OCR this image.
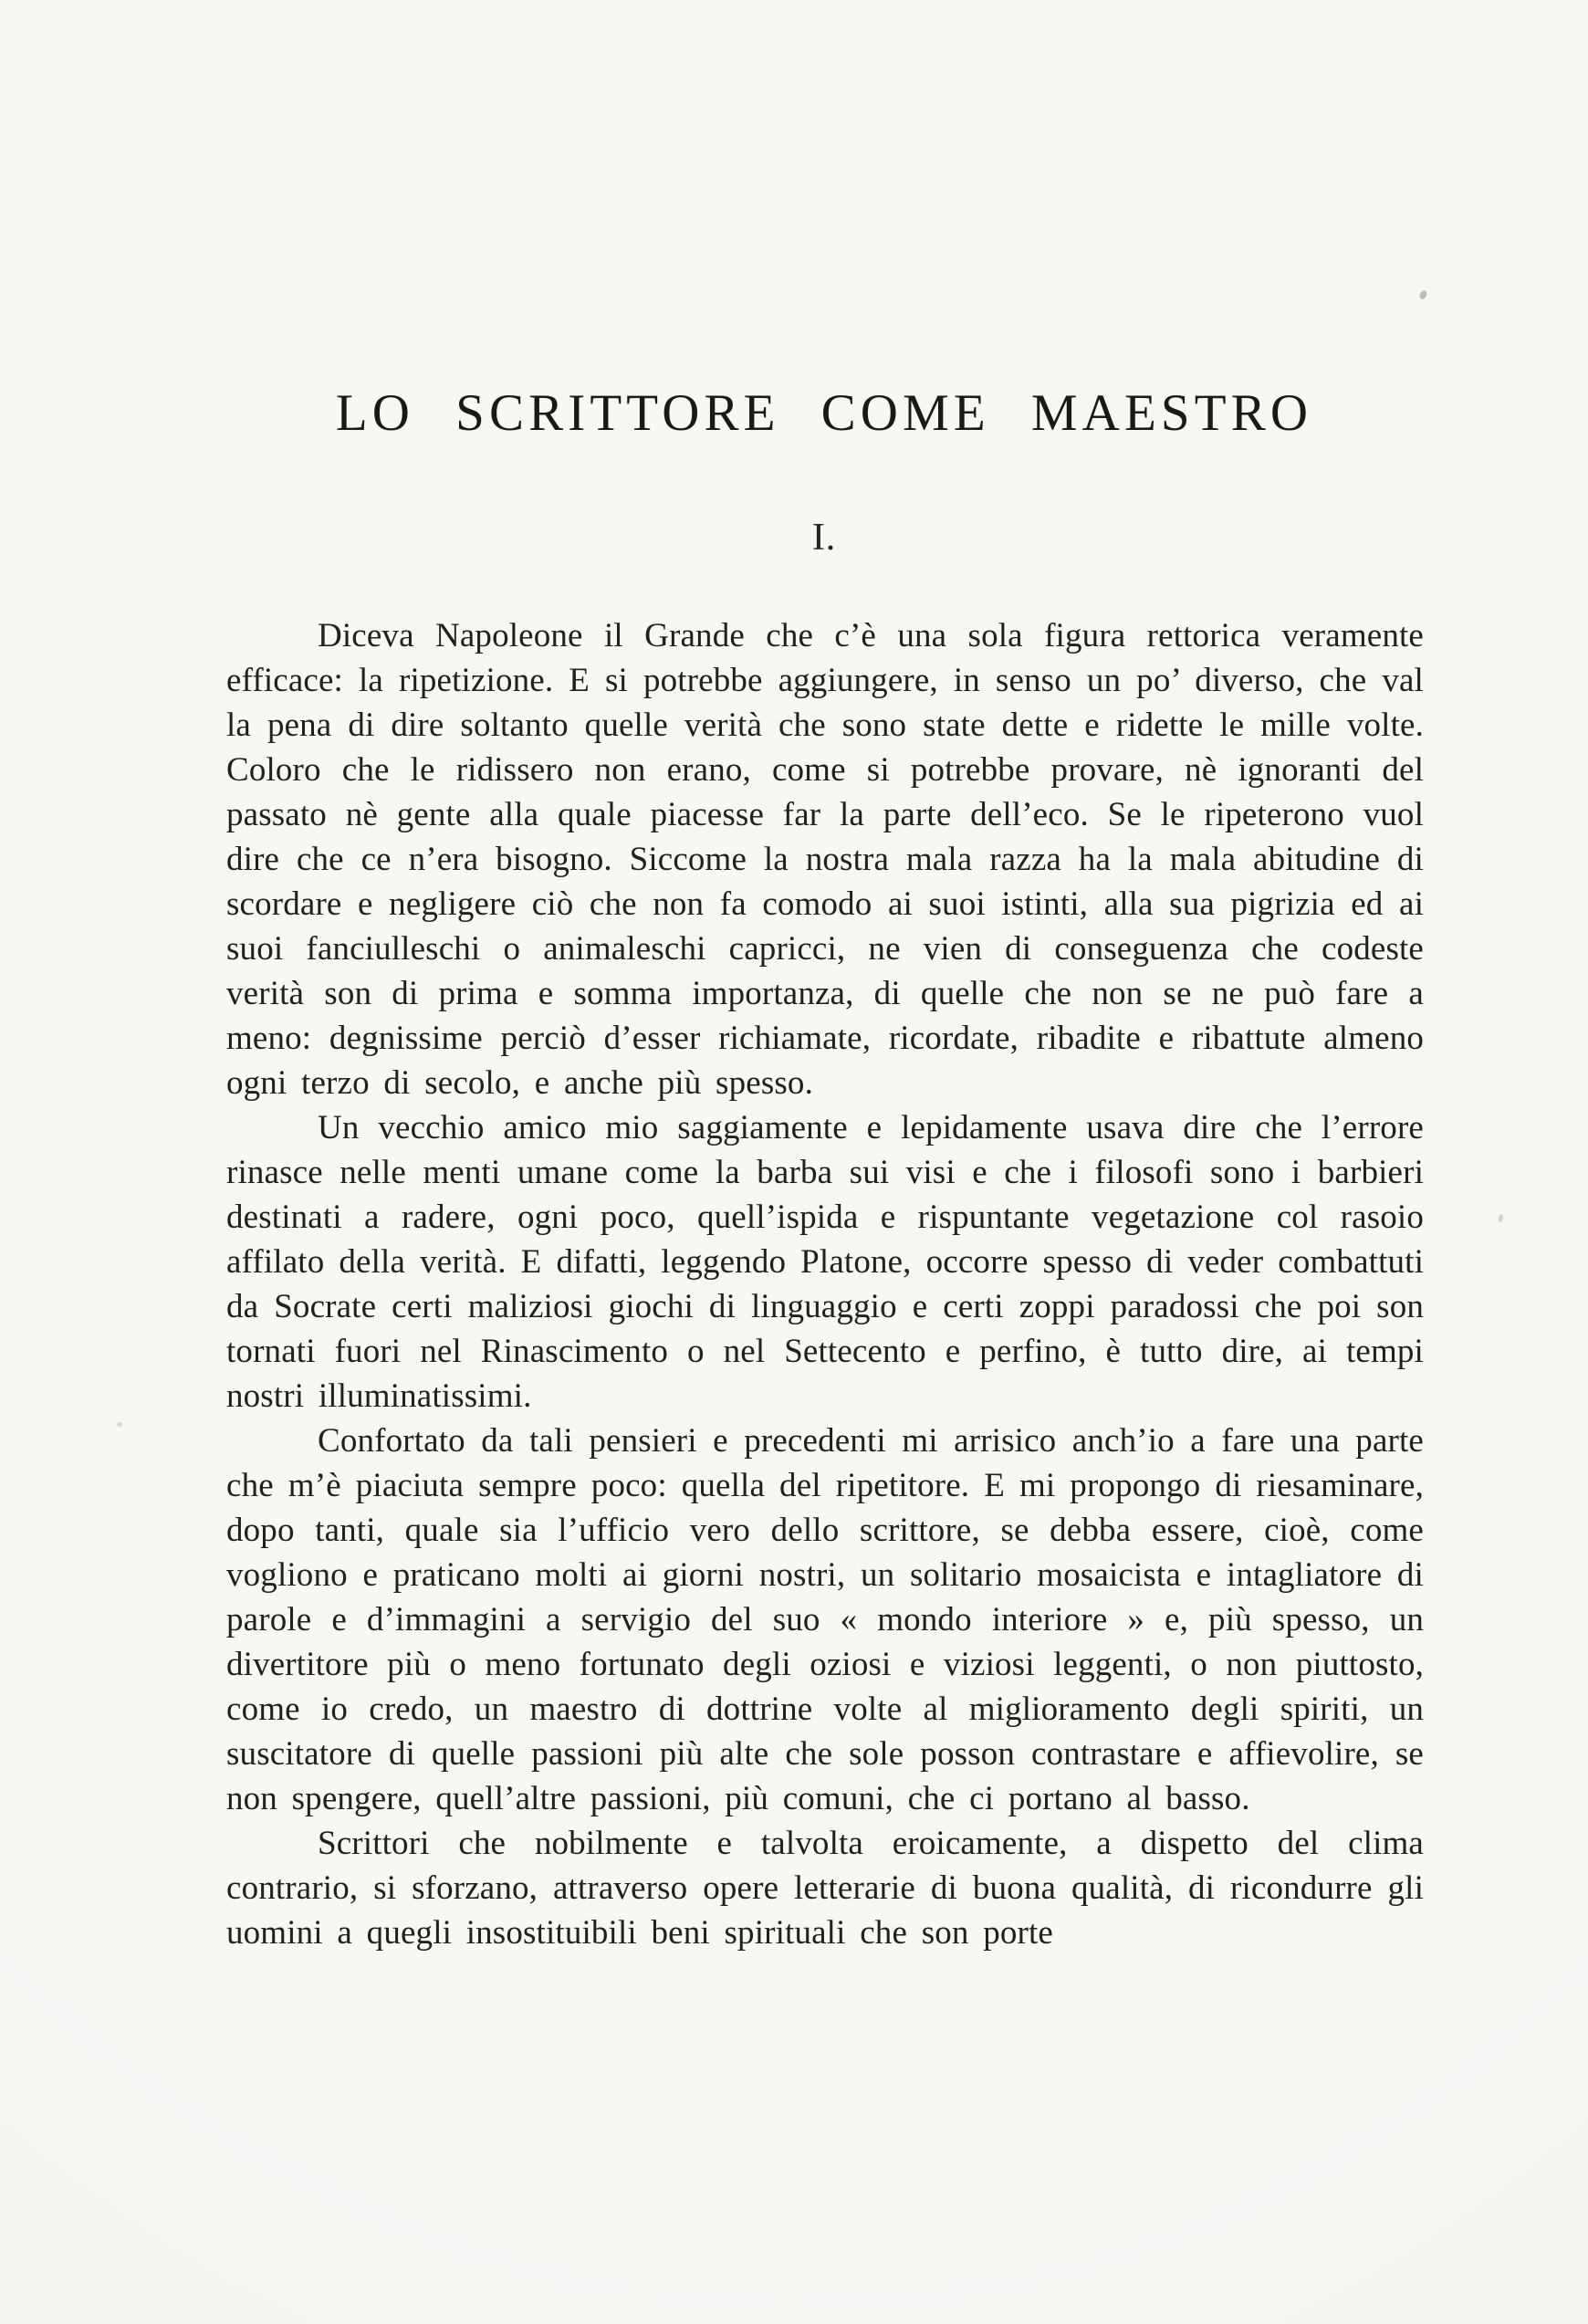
LO SCRITTORE COME MAESTRO
I.

Diceva Napoleone il Grande che c’è una sola figura rettorica veramente efficace: la ripetizione. E si potrebbe aggiungere, in senso un po’ diverso, che val la pena di dire soltanto quelle verità che sono state dette e ridette le mille volte. Coloro che le ridissero non erano, come si potrebbe provare, nè ignoranti del passato nè gente alla quale piacesse far la parte dell’eco. Se le ripeterono vuol dire che ce n’era bisogno. Siccome la nostra mala razza ha la mala abitudine di scordare e negligere ciò che non fa comodo ai suoi istinti, alla sua pigrizia ed ai suoi fanciulleschi o animaleschi capricci, ne vien di conseguenza che codeste verità son di prima e somma importanza, di quelle che non se ne può fare a meno: degnissime perciò d’esser richiamate, ricordate, ribadite e ribattute almeno ogni terzo di secolo, e anche più spesso.

Un vecchio amico mio saggiamente e lepidamente usava dire che l’errore rinasce nelle menti umane come la barba sui visi e che i filosofi sono i barbieri destinati a radere, ogni poco, quell’ispida e rispuntante vegetazione col rasoio affilato della verità. E difatti, leggendo Platone, occorre spesso di veder combattuti da Socrate certi maliziosi giochi di linguaggio e certi zoppi paradossi che poi son tornati fuori nel Rinascimento o nel Settecento e perfino, è tutto dire, ai tempi nostri illuminatissimi.

Confortato da tali pensieri e precedenti mi arrisico anch’io a fare una parte che m’è piaciuta sempre poco: quella del ripetitore. E mi propongo di riesaminare, dopo tanti, quale sia l’ufficio vero dello scrittore, se debba essere, cioè, come vogliono e praticano molti ai giorni nostri, un solitario mosaicista e intagliatore di parole e d’immagini a servigio del suo « mondo interiore » e, più spesso, un divertitore più o meno fortunato degli oziosi e viziosi leggenti, o non piuttosto, come io credo, un maestro di dottrine volte al miglioramento degli spiriti, un suscitatore di quelle passioni più alte che sole posson contrastare e affievolire, se non spengere, quell’altre passioni, più comuni, che ci portano al basso.

Scrittori che nobilmente e talvolta eroicamente, a dispetto del clima contrario, si sforzano, attraverso opere letterarie di buona qualità, di ricondurre gli uomini a quegli insostituibili beni spirituali che son porte
